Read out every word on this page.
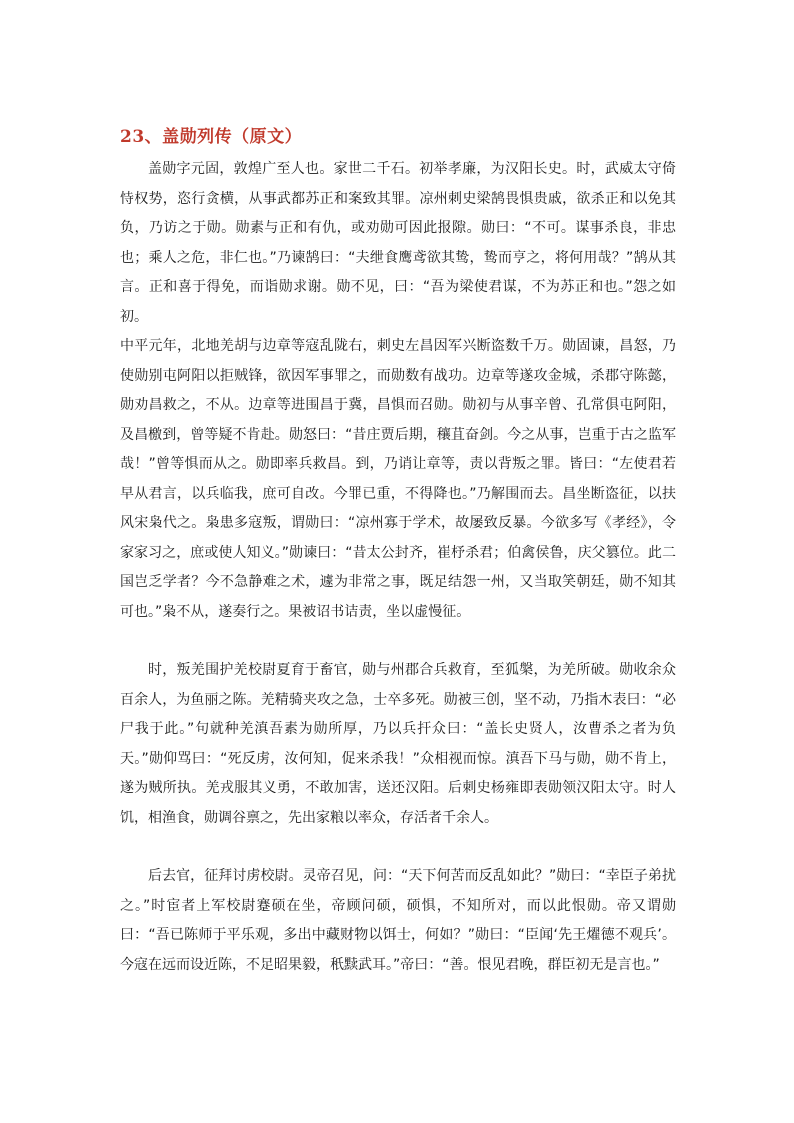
23、盖勋列传（原文）

盖勋字元固，敦煌广至人也。家世二千石。初举孝廉，为汉阳长史。时，武威太守倚恃权势，恣行贪横，从事武都苏正和案致其罪。凉州刺史梁鹄畏惧贵戚，欲杀正和以免其负，乃访之于勋。勋素与正和有仇，或劝勋可因此报隙。勋曰：“不可。谋事杀良，非忠也；乘人之危，非仁也。”乃谏鹄曰：“夫绁食鹰鸢欲其鸷，鸷而亨之，将何用哉？”鹄从其言。正和喜于得免，而诣勋求谢。勋不见，曰：“吾为梁使君谋，不为苏正和也。”怨之如初。

中平元年，北地羌胡与边章等寇乱陇右，刺史左昌因军兴断盗数千万。勋固谏，昌怒，乃使勋别屯阿阳以拒贼锋，欲因军事罪之，而勋数有战功。边章等遂攻金城，杀郡守陈懿，勋劝昌救之，不从。边章等进围昌于冀，昌惧而召勋。勋初与从事辛曾、孔常俱屯阿阳，及昌檄到，曾等疑不肯赴。勋怒曰：“昔庄贾后期，穰苴奋剑。今之从事，岂重于古之监军哉！”曾等惧而从之。勋即率兵救昌。到，乃诮让章等，责以背叛之罪。皆曰：“左使君若早从君言，以兵临我，庶可自改。今罪已重，不得降也。”乃解围而去。昌坐断盗征，以扶风宋枭代之。枭患多寇叛，谓勋曰：“凉州寡于学术，故屡致反暴。今欲多写《孝经》，令家家习之，庶或使人知义。”勋谏曰：“昔太公封齐，崔杼杀君；伯禽侯鲁，庆父篡位。此二国岂乏学者？今不急静难之术，遽为非常之事，既足结怨一州，又当取笑朝廷，勋不知其可也。”枭不从，遂奏行之。果被诏书诘责，坐以虚慢征。

时，叛羌围护羌校尉夏育于畜官，勋与州郡合兵救育，至狐槃，为羌所破。勋收余众百余人，为鱼丽之陈。羌精骑夹攻之急，士卒多死。勋被三创，坚不动，乃指木表曰：“必尸我于此。”句就种羌滇吾素为勋所厚，乃以兵扞众曰：“盖长史贤人，汝曹杀之者为负天。”勋仰骂曰：“死反虏，汝何知，促来杀我！”众相视而惊。滇吾下马与勋，勋不肯上，遂为贼所执。羌戎服其义勇，不敢加害，送还汉阳。后刺史杨雍即表勋领汉阳太守。时人饥，相渔食，勋调谷禀之，先出家粮以率众，存活者千余人。

后去官，征拜讨虏校尉。灵帝召见，问：“天下何苦而反乱如此？”勋曰：“幸臣子弟扰之。”时宦者上军校尉蹇硕在坐，帝顾问硕，硕惧，不知所对，而以此恨勋。帝又谓勋曰：“吾已陈师于平乐观，多出中藏财物以饵士，何如？”勋曰：“臣闻‘先王燿德不观兵’。今寇在远而设近陈，不足昭果毅，秖黩武耳。”帝曰：“善。恨见君晚，群臣初无是言也。”
